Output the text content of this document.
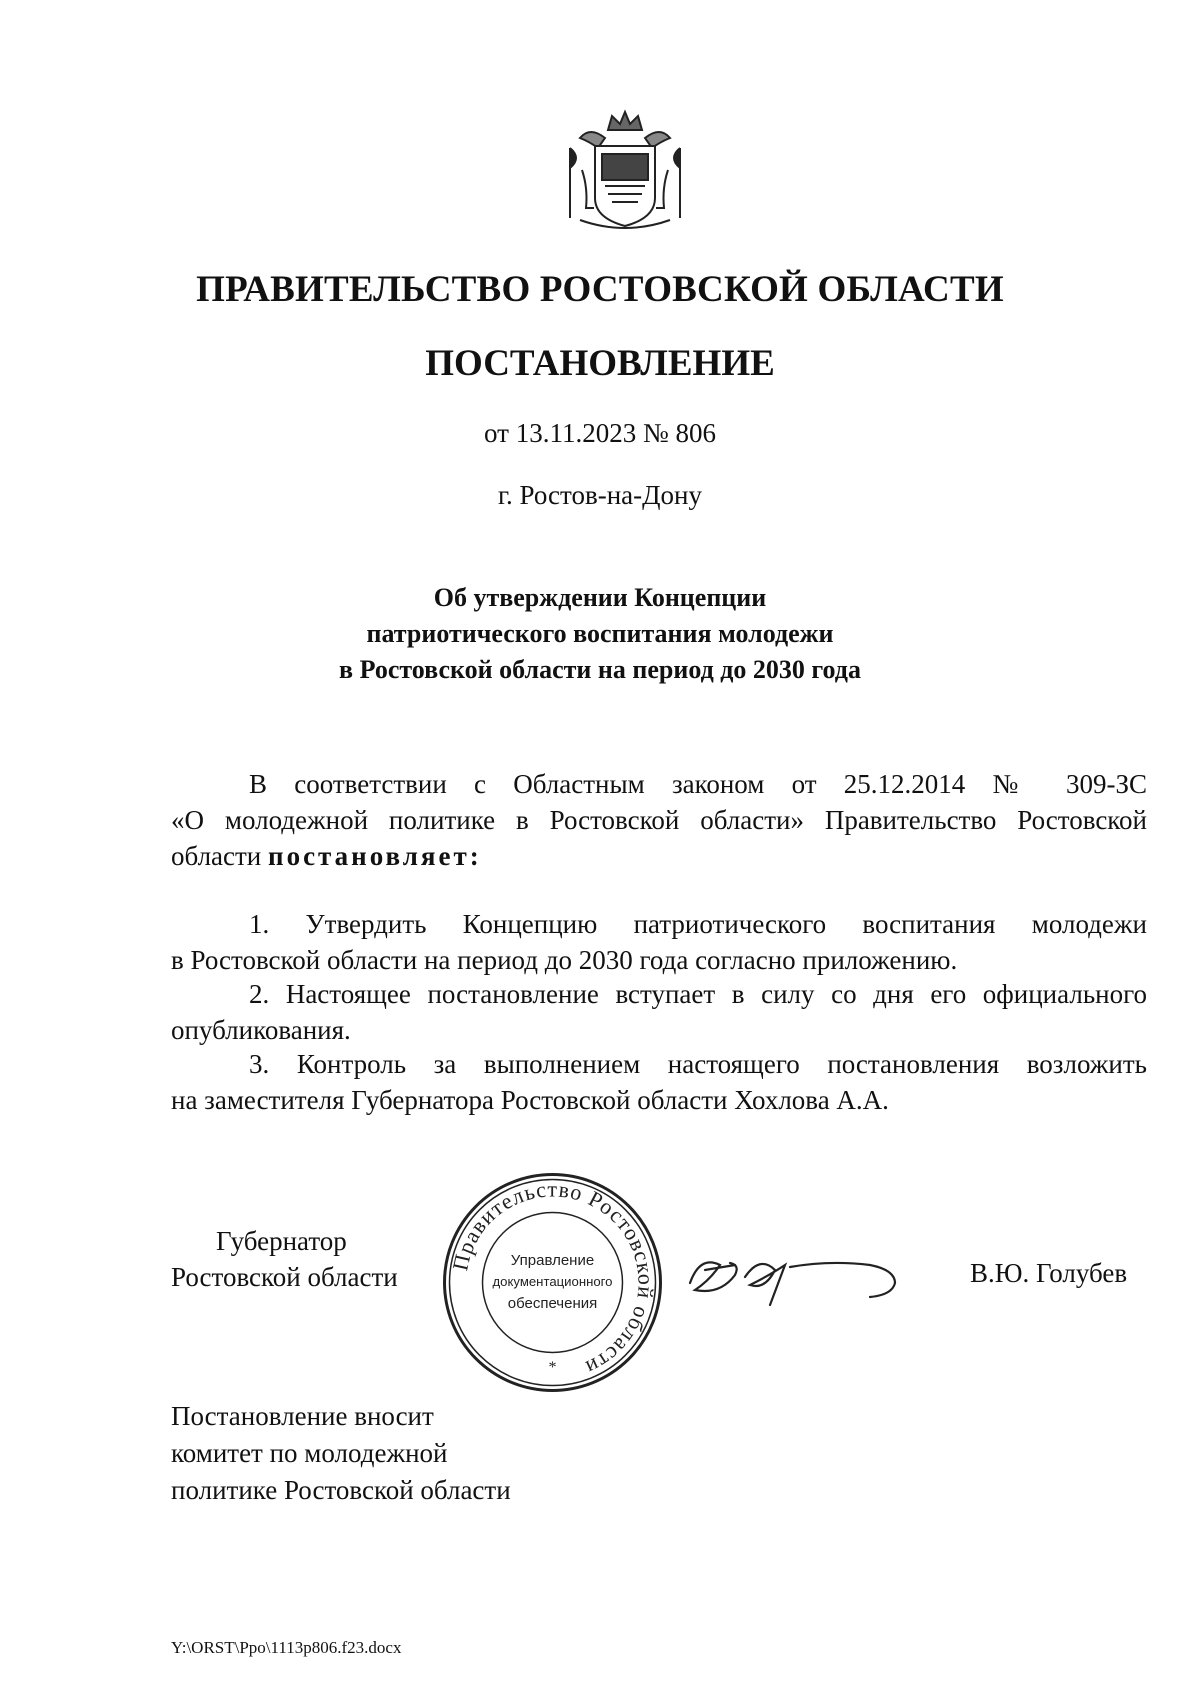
ПРАВИТЕЛЬСТВО РОСТОВСКОЙ ОБЛАСТИ
ПОСТАНОВЛЕНИЕ
от 13.11.2023 № 806
г. Ростов-на-Дону
Об утверждении Концепции
патриотического воспитания молодежи
в Ростовской области на период до 2030 года
В соответствии с Областным законом от 25.12.2014 № 309-ЗС
«О молодежной политике в Ростовской области» Правительство Ростовской
области постановляет:
1. Утвердить Концепцию патриотического воспитания молодежи
в Ростовской области на период до 2030 года согласно приложению.
2. Настоящее постановление вступает в силу со дня его официального
опубликования.
3. Контроль за выполнением настоящего постановления возложить
на заместителя Губернатора Ростовской области Хохлова А.А.
Губернатор
Ростовской области
Правительство Ростовской области
Управление
документационного
обеспечения
*
В.Ю. Голубев
Постановление вносит
комитет по молодежной
политике Ростовской области
Y:\ORST\Ppo\1113p806.f23.docx
